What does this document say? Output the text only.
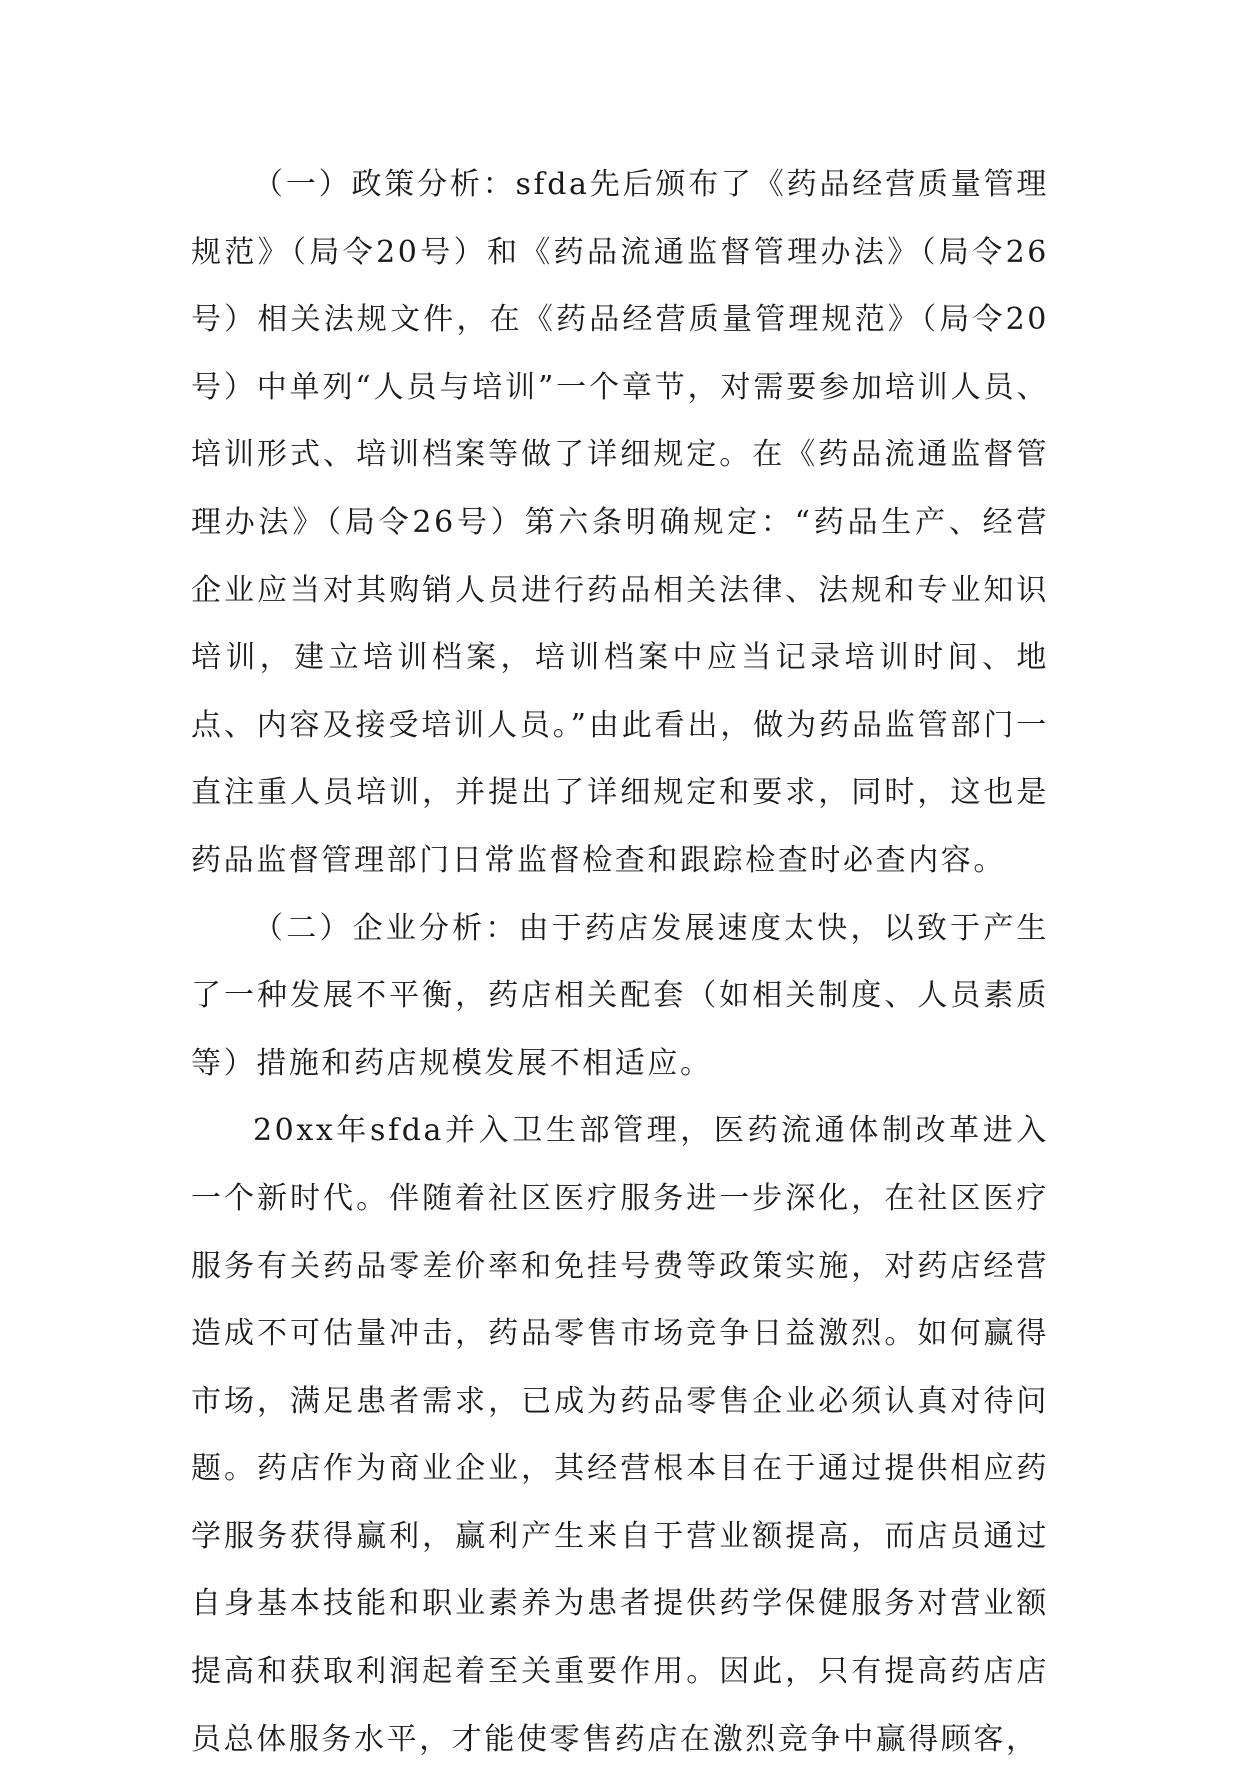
（一）政策分析：sfda先后颁布了《药品经营质量管理规范》（局令20号）和《药品流通监督管理办法》（局令26号）相关法规文件，在《药品经营质量管理规范》（局令20号）中单列“人员与培训”一个章节，对需要参加培训人员、培训形式、培训档案等做了详细规定。在《药品流通监督管理办法》（局令26号）第六条明确规定：“药品生产、经营企业应当对其购销人员进行药品相关法律、法规和专业知识培训，建立培训档案，培训档案中应当记录培训时间、地点、内容及接受培训人员。”由此看出，做为药品监管部门一直注重人员培训，并提出了详细规定和要求，同时，这也是药品监督管理部门日常监督检查和跟踪检查时必查内容。

（二）企业分析：由于药店发展速度太快，以致于产生了一种发展不平衡，药店相关配套（如相关制度、人员素质等）措施和药店规模发展不相适应。

20xx年sfda并入卫生部管理，医药流通体制改革进入一个新时代。伴随着社区医疗服务进一步深化，在社区医疗服务有关药品零差价率和免挂号费等政策实施，对药店经营造成不可估量冲击，药品零售市场竞争日益激烈。如何赢得市场，满足患者需求，已成为药品零售企业必须认真对待问题。药店作为商业企业，其经营根本目在于通过提供相应药学服务获得赢利，赢利产生来自于营业额提高，而店员通过自身基本技能和职业素养为患者提供药学保健服务对营业额提高和获取利润起着至关重要作用。因此，只有提高药店店员总体服务水平，才能使零售药店在激烈竞争中赢得顾客，
